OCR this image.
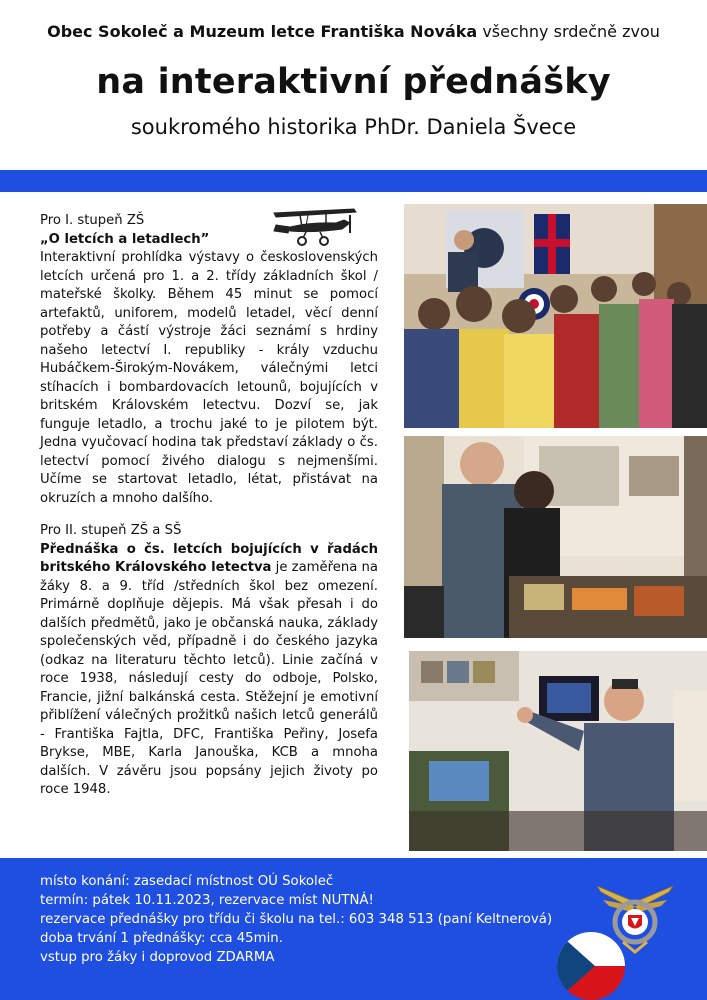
Obec Sokoleč a Muzeum letce Františka Nováka všechny srdečně zvou
na interaktivní přednášky
soukromého historika PhDr. Daniela Švece

Pro I. stupeň ZŠ

„O letcích a letadlech”

Interaktivní prohlídka výstavy o československých letcích určená pro 1. a 2. třídy základních škol / mateřské školky. Během 45 minut se pomocí artefaktů, uniforem, modelů letadel, věcí denní potřeby a částí výstroje žáci seznámí s hrdiny našeho letectví I. republiky - krály vzduchu Hubáčkem-Širokým-Novákem, válečnými letci stíhacích i bombardovacích letounů, bojujících v britském Královském letectvu. Dozví se, jak funguje letadlo, a trochu jaké to je pilotem být. Jedna vyučovací hodina tak představí základy o čs. letectví pomocí živého dialogu s nejmenšími. Učíme se startovat letadlo, létat, přistávat na okruzích a mnoho dalšího.

Pro II. stupeň ZŠ a SŠ

Přednáška o čs. letcích bojujících v řadách britského Královského letectva je zaměřena na žáky 8. a 9. tříd /středních škol bez omezení. Primárně doplňuje dějepis. Má však přesah i do dalších předmětů, jako je občanská nauka, základy společenských věd, případně i do českého jazyka (odkaz na literaturu těchto letců). Linie začíná v roce 1938, následují cesty do odboje, Polsko, Francie, jižní balkánská cesta. Stěžejní je emotivní přiblížení válečných prožitků našich letců generálů - Františka Fajtla, DFC, Františka Peřiny, Josefa Brykse, MBE, Karla Janouška, KCB a mnoha dalších. V závěru jsou popsány jejich životy po roce 1948.

místo konání: zasedací místnost OÚ Sokoleč
termín: pátek 10.11.2023, rezervace míst NUTNÁ!
rezervace přednášky pro třídu či školu na tel.: 603 348 513 (paní Keltnerová)
doba trvání 1 přednášky: cca 45min.
vstup pro žáky i doprovod ZDARMA
